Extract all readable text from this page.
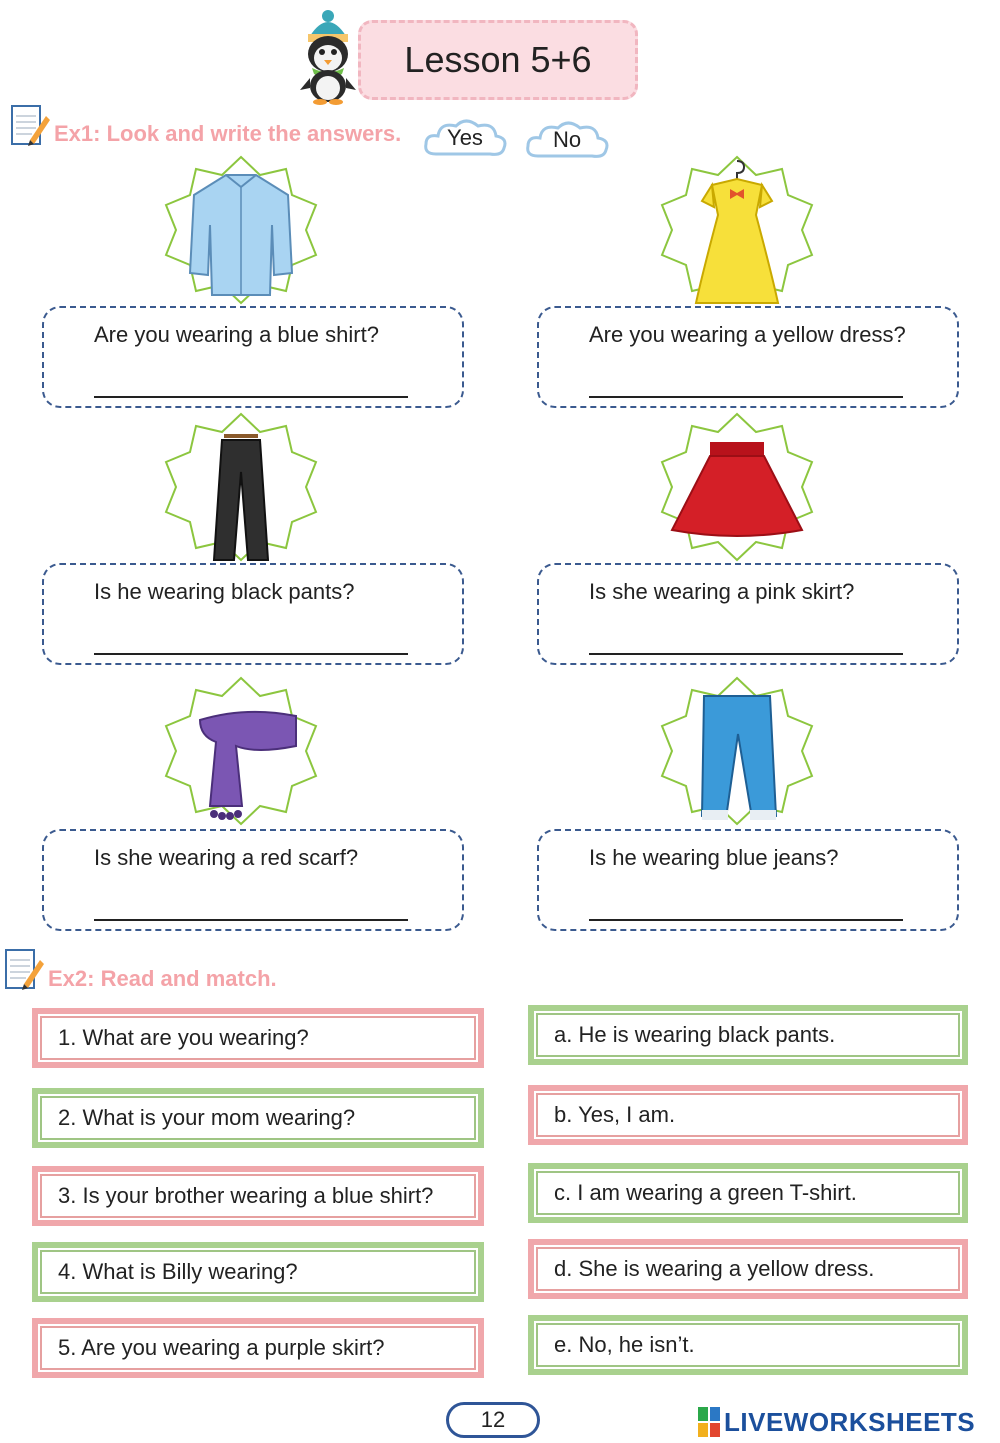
Lesson 5+6
Ex1: Look and write the answers. Yes	No
Are you wearing a blue shirt?	Are you wearing a yellow dress?
Is he wearing black pants?	Is she wearing a pink skirt?
Is she wearing a red scarf?	Is he wearing blue jeans?
Ex2: Read and match.
1. What are you wearing?
2. What is your mom wearing?
3. Is your brother wearing a blue shirt?
4. What is Billy wearing?
5. Are you wearing a purple skirt?
a. He is wearing black pants.
b. Yes, I am.
c. I am wearing a green T-shirt.
d. She is wearing a yellow dress.
e. No, he isn’t.
12	LIVEWORKSHEETS
